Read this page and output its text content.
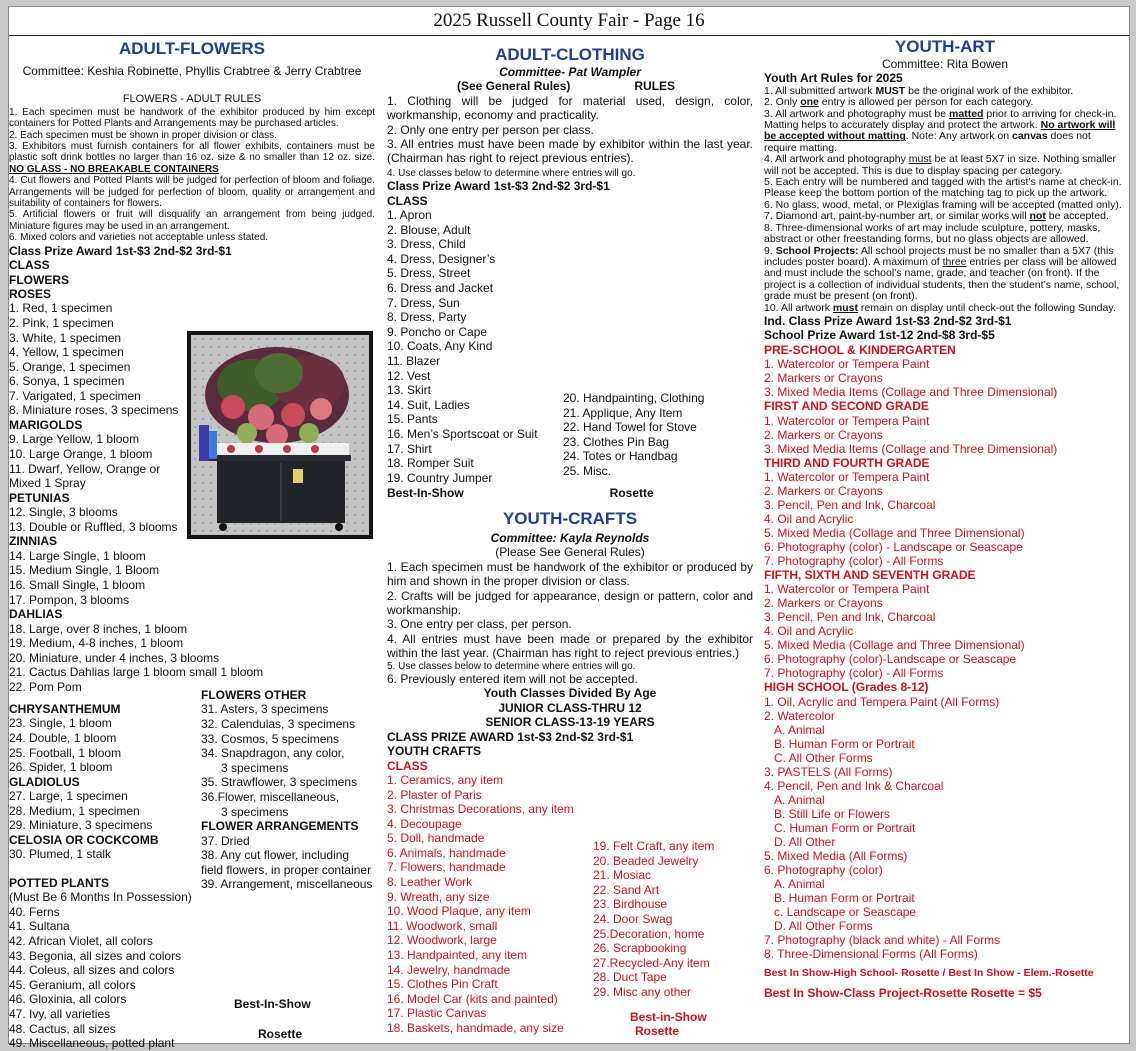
2025 Russell County Fair - Page 16
ADULT-FLOWERS

Committee: Keshia Robinette, Phyllis Crabtree & Jerry Crabtree

FLOWERS - ADULT RULES

1. Each specimen must be handwork of the exhibitor produced by him except containers for Potted Plants and Arrangements may be purchased articles.

2. Each specimen must be shown in proper division or class.

3. Exhibitors must furnish containers for all flower exhibits, containers must be plastic soft drink bottles no larger than 16 oz. size & no smaller than 12 oz. size. NO GLASS - NO BREAKABLE CONTAINERS

4. Cut flowers and Potted Plants will be judged for perfection of bloom and foliage. Arrangements will be judged for perfection of bloom, quality or arrangement and suitability of containers for flowers.

5. Artificial flowers or fruit will disqualify an arrangement from being judged. Miniature figures may be used in an arrangement.

6. Mixed colors and varieties not acceptable unless stated.

Class Prize Award 1st-$3 2nd-$2 3rd-$1

CLASS

FLOWERS

ROSES

1. Red, 1 specimen

2. Pink, 1 specimen

3. White, 1 specimen

4. Yellow, 1 specimen

5. Orange, 1 specimen

6. Sonya, 1 specimen

7. Varigated, 1 specimen

8. Miniature roses, 3 specimens

MARIGOLDS

9. Large Yellow, 1 bloom

10. Large Orange, 1 bloom

11. Dwarf, Yellow, Orange or

Mixed 1 Spray

PETUNIAS

12. Single, 3 blooms

13. Double or Ruffled, 3 blooms

ZINNIAS

14. Large Single, 1 bloom

15. Medium Single, 1 Bloom

16. Small Single, 1 bloom

17. Pompon, 3 blooms

DAHLIAS

18. Large, over 8 inches, 1 bloom

19. Medium, 4-8 inches, 1 bloom

20. Miniature, under 4 inches, 3 blooms

21. Cactus Dahlias large 1 bloom small 1 bloom

22. Pom Pom

CHRYSANTHEMUM

23. Single, 1 bloom

24. Double, 1 bloom

25. Football, 1 bloom

26. Spider, 1 bloom

GLADIOLUS

27. Large, 1 specimen

28. Medium, 1 specimen

29. Miniature, 3 specimens

CELOSIA OR COCKCOMB

30. Plumed, 1 stalk

POTTED PLANTS

(Must Be 6 Months In Possession)

40. Ferns

41. Sultana

42. African Violet, all colors

43. Begonia, all sizes and colors

44. Coleus, all sizes and colors

45. Geranium, all colors

46. Gloxinia, all colors

47. Ivy, all varieties

48. Cactus, all sizes

49. Miscellaneous, potted plant

FLOWERS OTHER

31. Asters, 3 specimens

32. Calendulas, 3 specimens

33. Cosmos, 5 specimens

34. Snapdragon, any color,

3 specimens

35. Strawflower, 3 specimens

36.Flower, miscellaneous,

3 specimens

FLOWER ARRANGEMENTS

37. Dried

38. Any cut flower, including

field flowers, in proper container

39. Arrangement, miscellaneous

Best-In-Show

Rosette

ADULT-CLOTHING

Committee- Pat Wampler

(See General Rules)	RULES

1. Clothing will be judged for material used, design, color, workmanship, economy and practicality.

2. Only one entry per person per class.

3. All entries must have been made by exhibitor within the last year. (Chairman has right to reject previous entries).

4. Use classes below to determine where entries will go.

Class Prize Award 1st-$3 2nd-$2 3rd-$1

CLASS

1. Apron

2. Blouse, Adult

3. Dress, Child

4. Dress, Designer’s

5. Dress, Street

6. Dress and Jacket

7. Dress, Sun

8. Dress, Party

9. Poncho or Cape

10. Coats, Any Kind

11. Blazer

12. Vest

13. Skirt

14. Suit, Ladies

15. Pants

16. Men’s Sportscoat or Suit

17. Shirt

18. Romper Suit

19. Country Jumper

Best-In-Show	Rosette

20. Handpainting, Clothing

21. Applique, Any Item

22. Hand Towel for Stove

23. Clothes Pin Bag

24. Totes or Handbag

25. Misc.

YOUTH-CRAFTS

Committee: Kayla Reynolds

(Please See General Rules)

1. Each specimen must be handwork of the exhibitor or produced by him and shown in the proper division or class.

2. Crafts will be judged for appearance, design or pattern, color and workmanship.

3. One entry per class, per person.

4. All entries must have been made or prepared by the exhibitor within the last year. (Chairman has right to reject previous entries.)

5. Use classes below to determine where entries will go.

6. Previously entered item will not be accepted.

Youth Classes Divided By Age

JUNIOR CLASS-THRU 12

SENIOR CLASS-13-19 YEARS

CLASS PRIZE AWARD 1st-$3 2nd-$2 3rd-$1

YOUTH CRAFTS

CLASS

1. Ceramics, any item

2. Plaster of Paris

3. Christmas Decorations, any item

4. Decoupage

5. Doll, handmade

6. Animals, handmade

7. Flowers, handmade

8. Leather Work

9. Wreath, any size

10. Wood Plaque, any item

11. Woodwork, small

12. Woodwork, large

13. Handpainted, any item

14. Jewelry, handmade

15. Clothes Pin Craft

16. Model Car (kits and painted)

17. Plastic Canvas

18. Baskets, handmade, any size

19. Felt Craft, any item

20. Beaded Jewelry

21. Mosiac

22. Sand Art

23. Birdhouse

24. Door Swag

25.Decoration, home

26. Scrapbooking

27.Recycled-Any item

28. Duct Tape

29. Misc any other

Best-in-Show

Rosette

YOUTH-ART

Committee: Rita Bowen

Youth Art Rules for 2025

1. All submitted artwork MUST be the original work of the exhibitor.

2. Only one entry is allowed per person for each category.

3. All artwork and photography must be matted prior to arriving for check-in. Matting helps to accurately display and protect the artwork. No artwork will be accepted without matting. Note: Any artwork on canvas does not require matting.

4. All artwork and photography must be at least 5X7 in size. Nothing smaller will not be accepted. This is due to display spacing per category.

5. Each entry will be numbered and tagged with the artist’s name at check-in. Please keep the bottom portion of the matching tag to pick up the artwork.

6. No glass, wood, metal, or Plexiglas framing will be accepted (matted only).

7. Diamond art, paint-by-number art, or similar works will not be accepted.

8. Three-dimensional works of art may include sculpture, pottery, masks, abstract or other freestanding forms, but no glass objects are allowed.

9. School Projects: All school projects must be no smaller than a 5X7 (this includes poster board). A maximum of three entries per class will be allowed and must include the school’s name, grade, and teacher (on front). If the project is a collection of individual students, then the student’s name, school, grade must be present (on front).

10. All artwork must remain on display until check-out the following Sunday.

Ind. Class Prize Award 1st-$3 2nd-$2 3rd-$1

School Prize Award 1st-12 2nd-$8 3rd-$5

PRE-SCHOOL & KINDERGARTEN

1. Watercolor or Tempera Paint

2. Markers or Crayons

3. Mixed Media Items (Collage and Three Dimensional)

FIRST AND SECOND GRADE

1. Watercolor or Tempera Paint

2. Markers or Crayons

3. Mixed Media Items (Collage and Three Dimensional)

THIRD AND FOURTH GRADE

1. Watercolor or Tempera Paint

2. Markers or Crayons

3. Pencil, Pen and Ink, Charcoal

4. Oil and Acrylic

5. Mixed Media (Collage and Three Dimensional)

6. Photography (color) - Landscape or Seascape

7. Photography (color) - All Forms

FIFTH, SIXTH AND SEVENTH GRADE

1. Watercolor or Tempera Paint

2. Markers or Crayons

3. Pencil, Pen and Ink, Charcoal

4. Oil and Acrylic

5. Mixed Media (Collage and Three Dimensional)

6. Photography (color)-Landscape or Seascape

7. Photography (color) - All Forms

HIGH SCHOOL (Grades 8-12)

1. Oil, Acrylic and Tempera Paint (All Forms)

2. Watercolor

A. Animal

B. Human Form or Portrait

C. All Other Forms

3. PASTELS (All Forms)

4. Pencil, Pen and Ink & Charcoal

A. Animal

B. Still Life or Flowers

C. Human Form or Portrait

D. All Other

5. Mixed Media (All Forms)

6. Photography (color)

A. Animal

B. Human Form or Portrait

c. Landscape or Seascape

D. All Other Forms

7. Photography (black and white) - All Forms

8. Three-Dimensional Forms (All Forms)

Best In Show-High School- Rosette / Best In Show - Elem.-Rosette

Best In Show-Class Project-Rosette Rosette = $5
